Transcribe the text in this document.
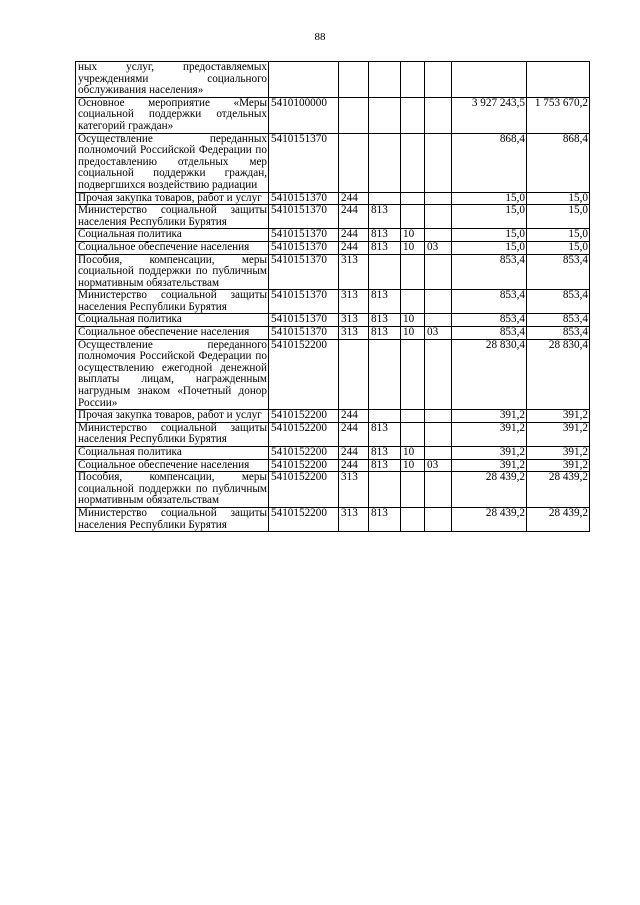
88
ных услуг, предоставляемых учреждениями социального обслуживания населения»							
Основное мероприятие «Меры социальной поддержки отдельных категорий граждан»	5410100000					3 927 243,5	1 753 670,2
Осуществление переданных полномочий Российской Федерации по предоставлению отдельных мер социальной поддержки граждан, подвергшихся воздействию радиации	5410151370					868,4	868,4
Прочая закупка товаров, работ и услуг	5410151370	244				15,0	15,0
Министерство социальной защиты населения Республики Бурятия	5410151370	244	813			15,0	15,0
Социальная политика	5410151370	244	813	10		15,0	15,0
Социальное обеспечение населения	5410151370	244	813	10	03	15,0	15,0
Пособия, компенсации, меры социальной поддержки по публичным нормативным обязательствам	5410151370	313				853,4	853,4
Министерство социальной защиты населения Республики Бурятия	5410151370	313	813			853,4	853,4
Социальная политика	5410151370	313	813	10		853,4	853,4
Социальное обеспечение населения	5410151370	313	813	10	03	853,4	853,4
Осуществление переданного полномочия Российской Федерации по осуществлению ежегодной денежной выплаты лицам, награжденным нагрудным знаком «Почетный донор России»	5410152200					28 830,4	28 830,4
Прочая закупка товаров, работ и услуг	5410152200	244				391,2	391,2
Министерство социальной защиты населения Республики Бурятия	5410152200	244	813			391,2	391,2
Социальная политика	5410152200	244	813	10		391,2	391,2
Социальное обеспечение населения	5410152200	244	813	10	03	391,2	391,2
Пособия, компенсации, меры социальной поддержки по публичным нормативным обязательствам	5410152200	313				28 439,2	28 439,2
Министерство социальной защиты населения Республики Бурятия	5410152200	313	813			28 439,2	28 439,2
